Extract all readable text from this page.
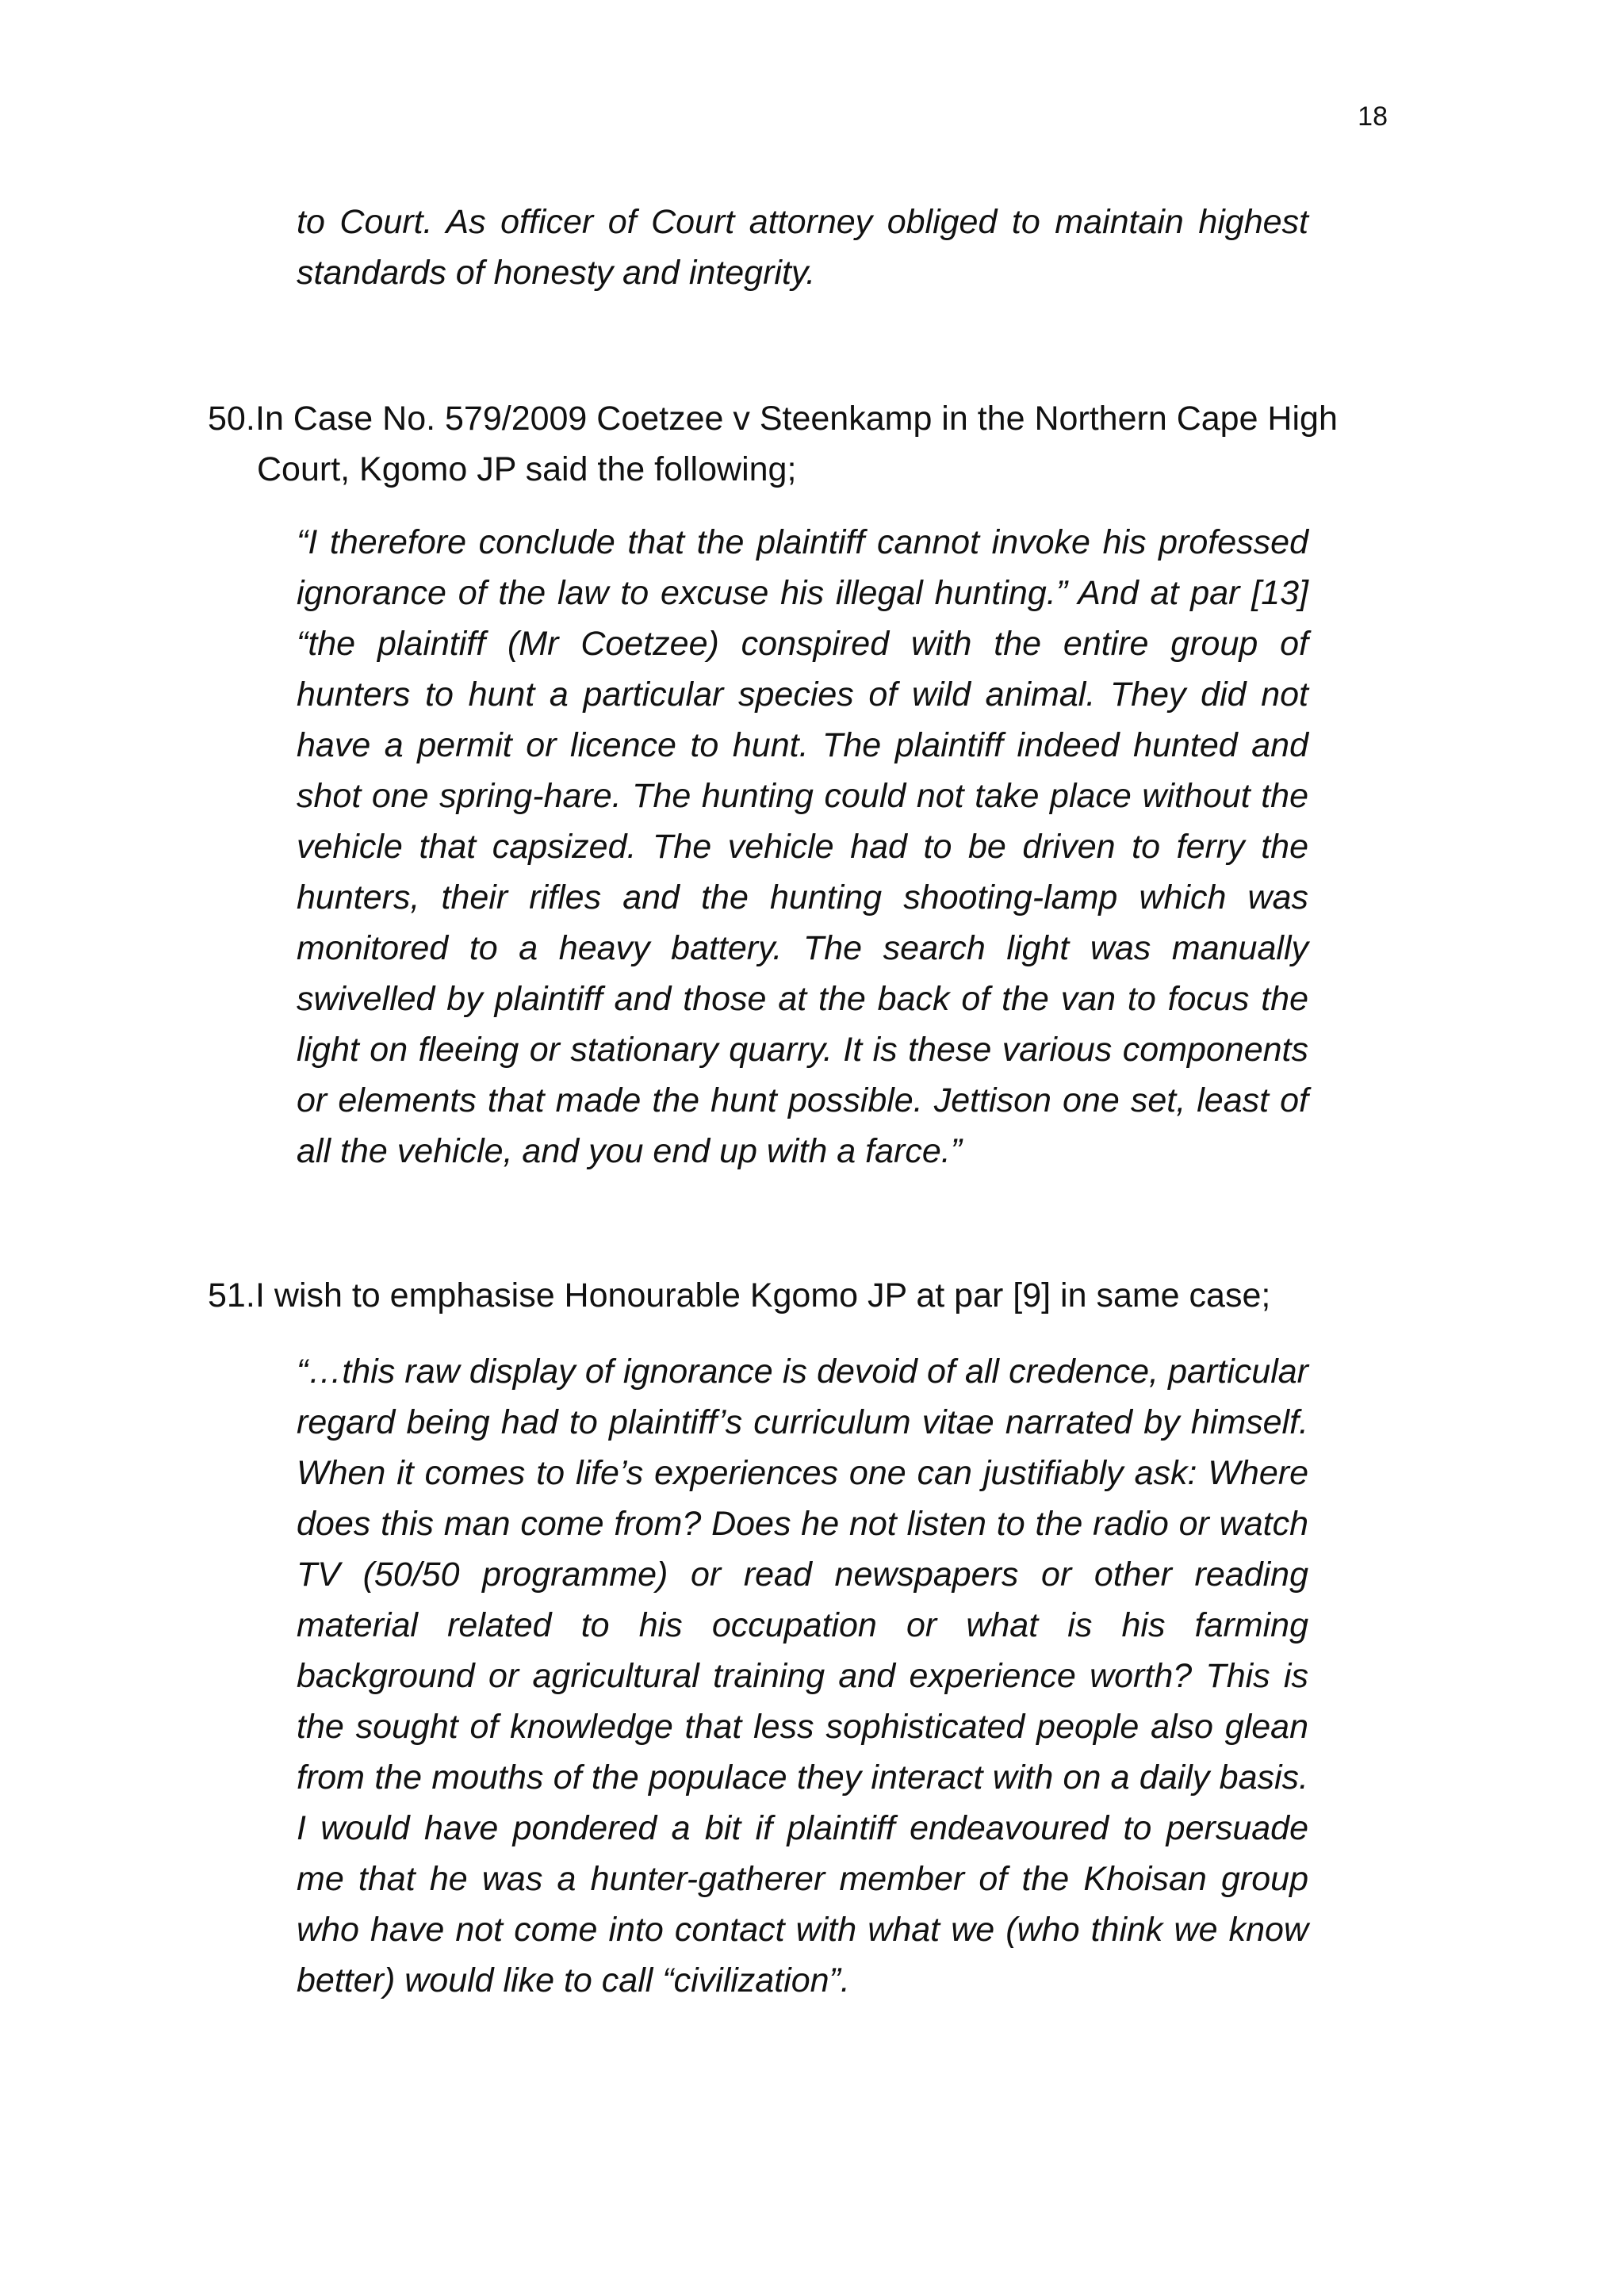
18

to Court. As officer of Court attorney obliged to maintain highest standards of honesty and integrity.

50.In Case No. 579/2009 Coetzee v Steenkamp in the Northern Cape High
Court, Kgomo JP said the following;

“I therefore conclude that the plaintiff cannot invoke his professed ignorance of the law to excuse his illegal hunting.” And at par [13] “the plaintiff (Mr Coetzee) conspired with the entire group of hunters to hunt a particular species of wild animal. They did not have a permit or licence to hunt. The plaintiff indeed hunted and shot one spring-hare. The hunting could not take place without the vehicle that capsized. The vehicle had to be driven to ferry the hunters, their rifles and the hunting shooting-lamp which was monitored to a heavy battery. The search light was manually swivelled by plaintiff and those at the back of the van to focus the light on fleeing or stationary quarry. It is these various components or elements that made the hunt possible. Jettison one set, least of all the vehicle, and you end up with a farce.”

51.I wish to emphasise Honourable Kgomo JP at par [9] in same case;

“…this raw display of ignorance is devoid of all credence, particular regard being had to plaintiff’s curriculum vitae narrated by himself. When it comes to life’s experiences one can justifiably ask: Where does this man come from? Does he not listen to the radio or watch TV (50/50 programme) or read newspapers or other reading material related to his occupation or what is his farming background or agricultural training and experience worth? This is the sought of knowledge that less sophisticated people also glean from the mouths of the populace they interact with on a daily basis. I would have pondered a bit if plaintiff endeavoured to persuade me that he was a hunter-gatherer member of the Khoisan group who have not come into contact with what we (who think we know better) would like to call “civilization”.
